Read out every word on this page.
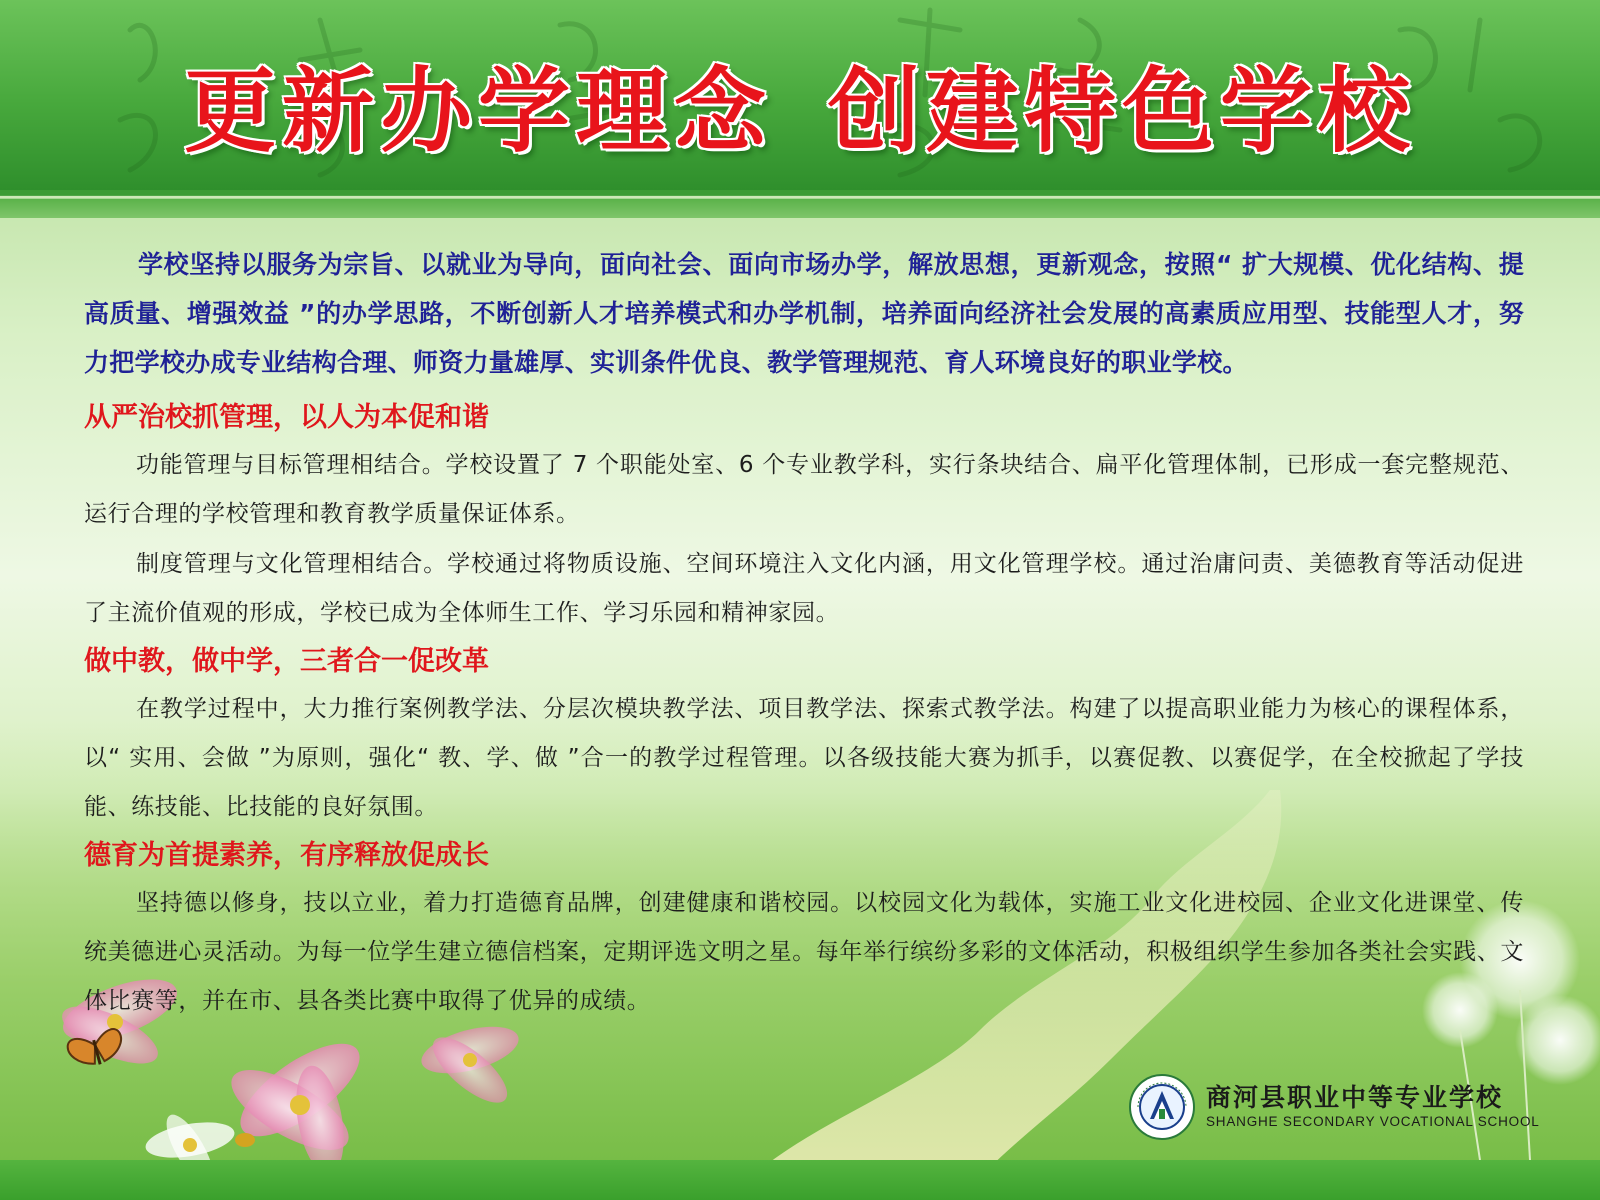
更新办学理念 创建特色学校

学校坚持以服务为宗旨、以就业为导向，面向社会、面向市场办学，解放思想，更新观念，按照“ 扩大规模、优化结构、提高质量、增强效益 ”的办学思路，不断创新人才培养模式和办学机制，培养面向经济社会发展的高素质应用型、技能型人才，努力把学校办成专业结构合理、师资力量雄厚、实训条件优良、教学管理规范、育人环境良好的职业学校。

从严治校抓管理，以人为本促和谐

功能管理与目标管理相结合。学校设置了 7 个职能处室、6 个专业教学科，实行条块结合、扁平化管理体制，已形成一套完整规范、运行合理的学校管理和教育教学质量保证体系。

制度管理与文化管理相结合。学校通过将物质设施、空间环境注入文化内涵，用文化管理学校。通过治庸问责、美德教育等活动促进了主流价值观的形成，学校已成为全体师生工作、学习乐园和精神家园。

做中教，做中学，三者合一促改革

在教学过程中，大力推行案例教学法、分层次模块教学法、项目教学法、探索式教学法。构建了以提高职业能力为核心的课程体系，以“ 实用、会做 ”为原则，强化“ 教、学、做 ”合一的教学过程管理。以各级技能大赛为抓手，以赛促教、以赛促学，在全校掀起了学技能、练技能、比技能的良好氛围。

德育为首提素养，有序释放促成长

坚持德以修身，技以立业，着力打造德育品牌，创建健康和谐校园。以校园文化为载体，实施工业文化进校园、企业文化进课堂、传统美德进心灵活动。为每一位学生建立德信档案，定期评选文明之星。每年举行缤纷多彩的文体活动，积极组织学生参加各类社会实践、文体比赛等，并在市、县各类比赛中取得了优异的成绩。

商河县职业中等专业学校
SHANGHE SECONDARY VOCATIONAL SCHOOL
